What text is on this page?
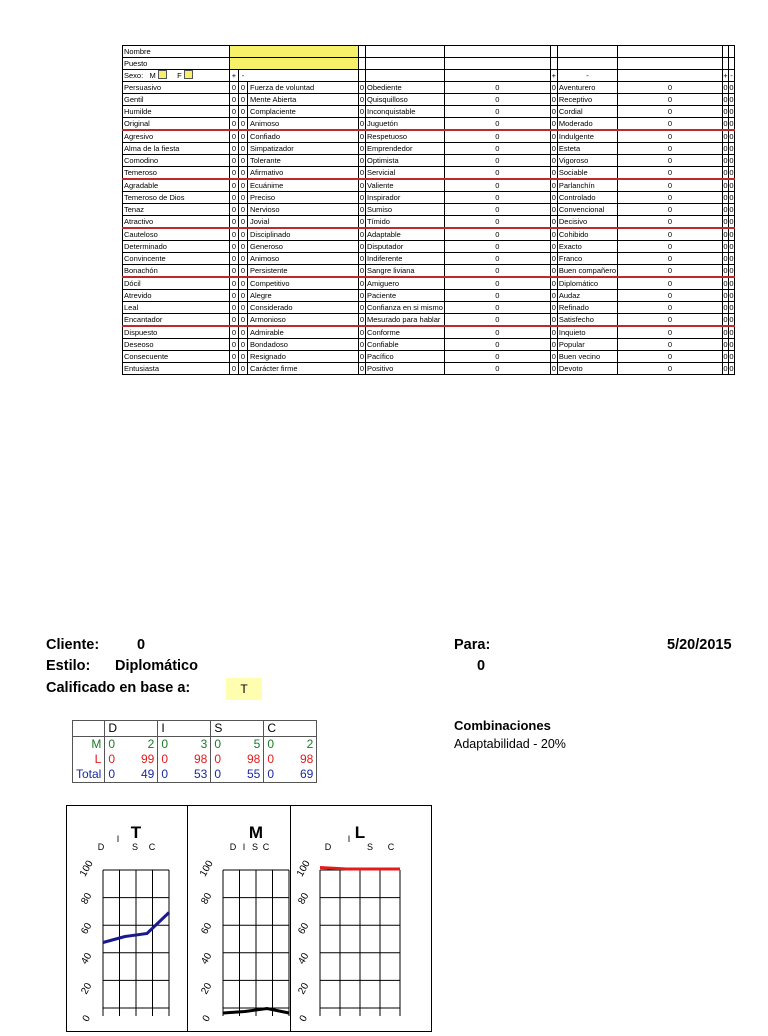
Nombre									
Puesto									
Sexo: M F	+ -				+	-		+	-
Persuasivo	0 0 Fuerza de voluntad	0	Obediente	0	0	Aventurero	0	0	0
Gentil	0 0 Mente Abierta	0	Quisquilloso	0	0	Receptivo	0	0	0
Humilde	0 0 Complaciente	0	Inconquistable	0	0	Cordial	0	0	0
Original	0 0 Animoso	0	Juguetón	0	0	Moderado	0	0	0
Agresivo	0 0 Confiado	0	Respetuoso	0	0	Indulgente	0	0	0
Alma de la fiesta	0 0 Simpatizador	0	Emprendedor	0	0	Esteta	0	0	0
Comodino	0 0 Tolerante	0	Optimista	0	0	Vigoroso	0	0	0
Temeroso	0 0 Afirmativo	0	Servicial	0	0	Sociable	0	0	0
Agradable	0 0 Ecuánime	0	Valiente	0	0	Parlanchín	0	0	0
Temeroso de Dios	0 0 Preciso	0	Inspirador	0	0	Controlado	0	0	0
Tenaz	0 0 Nervioso	0	Sumiso	0	0	Convencional	0	0	0
Atractivo	0 0 Jovial	0	Tímido	0	0	Decisivo	0	0	0
Cauteloso	0 0 Disciplinado	0	Adaptable	0	0	Cohibido	0	0	0
Determinado	0 0 Generoso	0	Disputador	0	0	Exacto	0	0	0
Convincente	0 0 Animoso	0	Indiferente	0	0	Franco	0	0	0
Bonachón	0 0 Persistente	0	Sangre liviana	0	0	Buen compañero	0	0	0
Dócil	0 0 Competitivo	0	Amiguero	0	0	Diplomático	0	0	0
Atrevido	0 0 Alegre	0	Paciente	0	0	Audaz	0	0	0
Leal	0 0 Considerado	0	Confianza en si mismo	0	0	Refinado	0	0	0
Encantador	0 0 Armonioso	0	Mesurado para hablar	0	0	Satisfecho	0	0	0
Dispuesto	0 0 Admirable	0	Conforme	0	0	Inquieto	0	0	0
Deseoso	0 0 Bondadoso	0	Confiable	0	0	Popular	0	0	0
Consecuente	0 0 Resignado	0	Pacífico	0	0	Buen vecino	0	0	0
Entusiasta	0 0 Carácter firme	0	Positivo	0	0	Devoto	0	0	0
Cliente:	0
Estilo: Diplomático
Calificado en base a:	T
Para:
0
5/20/2015
Combinaciones
Adaptabilidad - 20%
	D		I		S		C	
M	0	2	0	3	0	5	0	2
L	0	99	0	98	0	98	0	98
Total	0	49	0	53	0	55	0	69
T
D
I
S C
0
20
40
60
80
100
M
D I S C
0
20
40
60
80
100
L
D
I
S C
0
20
40
60
80
100
